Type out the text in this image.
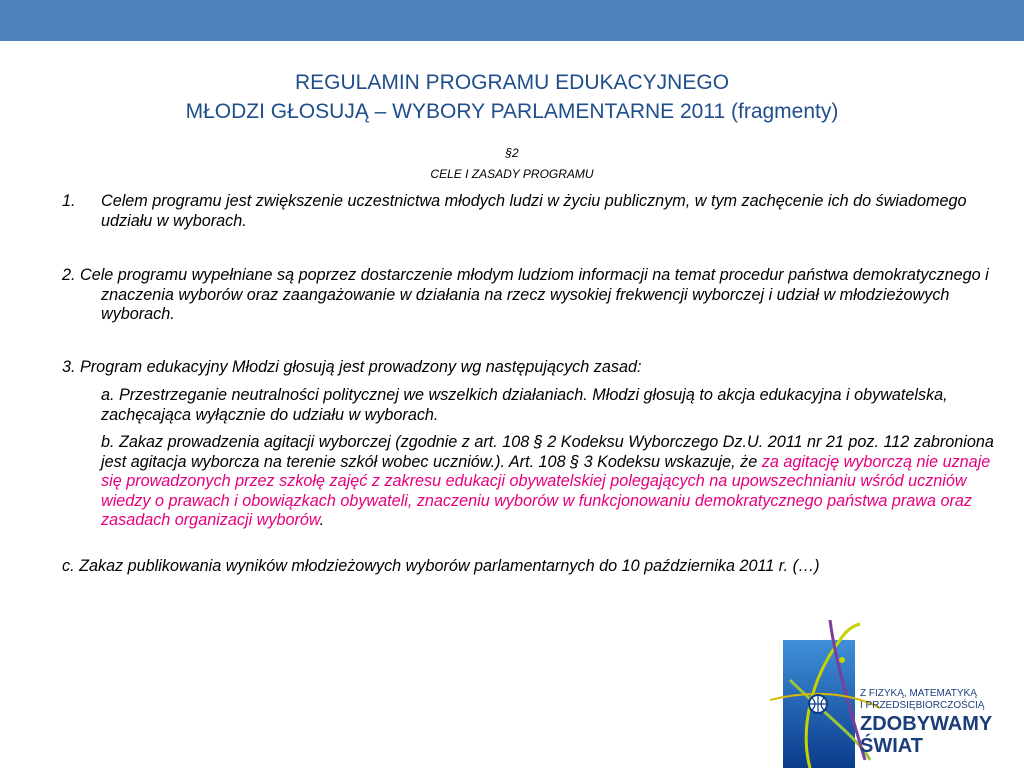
REGULAMIN PROGRAMU EDUKACYJNEGO
MŁODZI GŁOSUJĄ – WYBORY PARLAMENTARNE 2011 (fragmenty)
§2
CELE I ZASADY PROGRAMU

1. Celem programu jest zwiększenie uczestnictwa młodych ludzi w życiu publicznym, w tym zachęcenie ich do świadomego udziału w wyborach.

2. Cele programu wypełniane są poprzez dostarczenie młodym ludziom informacji na temat procedur państwa demokratycznego i znaczenia wyborów oraz zaangażowanie w działania na rzecz wysokiej frekwencji wyborczej i udział w młodzieżowych wyborach.

3. Program edukacyjny Młodzi głosują jest prowadzony wg następujących zasad:

a. Przestrzeganie neutralności politycznej we wszelkich działaniach. Młodzi głosują to akcja edukacyjna i obywatelska, zachęcająca wyłącznie do udziału w wyborach.

b. Zakaz prowadzenia agitacji wyborczej (zgodnie z art. 108 § 2 Kodeksu Wyborczego Dz.U. 2011 nr 21 poz. 112 zabroniona jest agitacja wyborcza na terenie szkół wobec uczniów.). Art. 108 § 3 Kodeksu wskazuje, że za agitację wyborczą nie uznaje się prowadzonych przez szkołę zajęć z zakresu edukacji obywatelskiej polegających na upowszechnianiu wśród uczniów wiedzy o prawach i obowiązkach obywateli, znaczeniu wyborów w funkcjonowaniu demokratycznego państwa prawa oraz zasadach organizacji wyborów.

c. Zakaz publikowania wyników młodzieżowych wyborów parlamentarnych do 10 października 2011 r. (…)

Z FIZYKĄ, MATEMATYKĄ
I PRZEDSIĘBIORCZOŚCIĄ
ZDOBYWAMY
ŚWIAT
